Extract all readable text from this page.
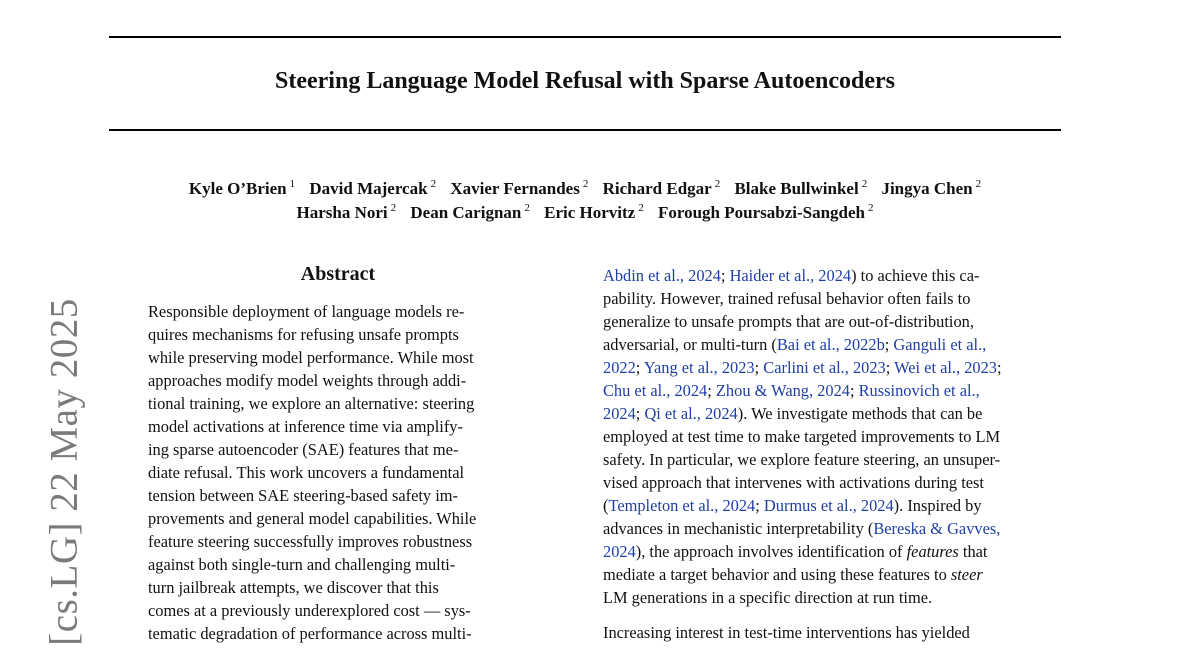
Steering Language Model Refusal with Sparse Autoencoders
Kyle O’Brien $^1$ David Majercak $^2$ Xavier Fernandes $^2$ Richard Edgar $^2$ Blake Bullwinkel $^2$ Jingya Chen $^2$
Harsha Nori $^2$ Dean Carignan $^2$ Eric Horvitz $^2$ Forough Poursabzi-Sangdeh $^2$
[cs.LG] 22 May 2025
Abstract
Responsible deployment of language models re-
quires mechanisms for refusing unsafe prompts
while preserving model performance. While most
approaches modify model weights through addi-
tional training, we explore an alternative: steering
model activations at inference time via amplify-
ing sparse autoencoder (SAE) features that me-
diate refusal. This work uncovers a fundamental
tension between SAE steering-based safety im-
provements and general model capabilities. While
feature steering successfully improves robustness
against both single-turn and challenging multi-
turn jailbreak attempts, we discover that this
comes at a previously underexplored cost — sys-
tematic degradation of performance across multi-
Abdin et al., 2024; Haider et al., 2024) to achieve this ca-
pability. However, trained refusal behavior often fails to
generalize to unsafe prompts that are out-of-distribution,
adversarial, or multi-turn (Bai et al., 2022b; Ganguli et al.,
2022; Yang et al., 2023; Carlini et al., 2023; Wei et al., 2023;
Chu et al., 2024; Zhou & Wang, 2024; Russinovich et al.,
2024; Qi et al., 2024). We investigate methods that can be
employed at test time to make targeted improvements to LM
safety. In particular, we explore feature steering, an unsuper-
vised approach that intervenes with activations during test
(Templeton et al., 2024; Durmus et al., 2024). Inspired by
advances in mechanistic interpretability (Bereska & Gavves,
2024), the approach involves identification of features that
mediate a target behavior and using these features to steer
LM generations in a specific direction at run time.
Increasing interest in test-time interventions has yielded
